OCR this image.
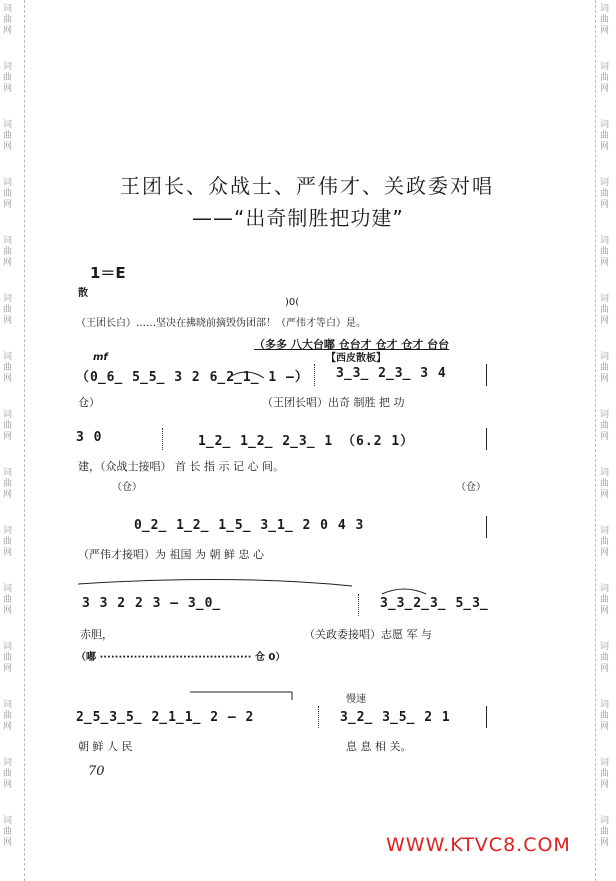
词
曲
网
词
曲
网
词
曲
网
词
曲
网
词
曲
网
词
曲
网
词
曲
网
词
曲
网
词
曲
网
词
曲
网
词
曲
网
词
曲
网
词
曲
网
词
曲
网
词
曲
网
词
曲
网
词
曲
网
词
曲
网
词
曲
网
词
曲
网
词
曲
网
词
曲
网
词
曲
网
词
曲
网
词
曲
网
词
曲
网
词
曲
网
词
曲
网
词
曲
网
词
曲
网
王团长、众战士、严伟才、关政委对唱
——“出奇制胜把功建”
1＝E
散
)0(
（王团长白）……坚决在拂晓前摘毁伪团部！（严伟才等白）是。
（多多 八大台嘟 仓台才 仓才 仓才 台台
mf	【西皮散板】
（0̲6̲ 5̲5̲ 3 2 6̲2̲1̲ 1 —） 3̲3̲ 2̲3̲ 3 4
仓）	（王团长唱）出奇 制胜 把 功
3 0	1̲2̲ 1̲2̲ 2̲3̲ 1 （6.2 1）
建，（众战士接唱） 首 长 指 示 记 心 间。
（仓）	（仓）
0̲2̲ 1̲2̲ 1̲5̲ 3̲1̲ 2 0 4 3
（严伟才接唱）为 祖国 为 朝 鲜 忠 心
3 3 2 2 3 — 3̲0̲	3̲3̲2̲3̲ 5̲3̲
赤胆，	（关政委接唱）志愿 军 与
（嘟 ········································ 仓 0）
慢速
2̲5̲3̲5̲ 2̲1̲1̲ 2 — 2	3̲2̲ 3̲5̲ 2 1
朝 鲜 人 民	息 息 相 关。
70
WWW.KTVC8.COM
